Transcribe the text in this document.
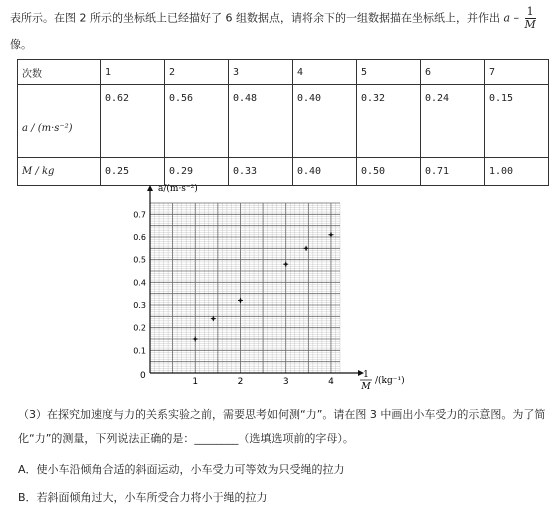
表所示。在图 2 所示的坐标纸上已经描好了 6 组数据点，请将余下的一组数据描在坐标纸上，并作出 a – $\frac{1}{M}$
像。
次数	1	2	3	4	5	6	7
a / (m·s⁻²)	0.62	0.56	0.48	0.40	0.32	0.24	0.15
M / kg	0.25	0.29	0.33	0.40	0.50	0.71	1.00
1	2	3	4
0.1
0.2
0.3
0.4
0.5
0.6
0.7
a/(m·s⁻²)
0	1
M
/(kg⁻¹)
（3）在探究加速度与力的关系实验之前，需要思考如何测“力”。请在图 3 中画出小车受力的示意图。为了简
化“力”的测量，下列说法正确的是：________（选填选项前的字母）。
A．使小车沿倾角合适的斜面运动，小车受力可等效为只受绳的拉力
B．若斜面倾角过大，小车所受合力将小于绳的拉力
